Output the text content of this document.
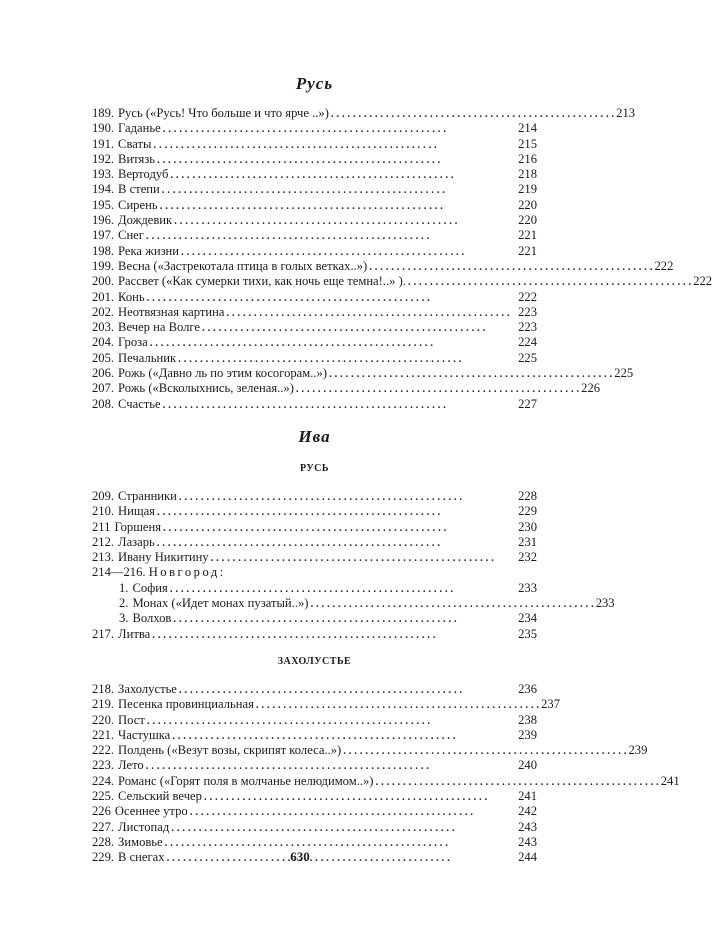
Русь
189. Русь («Русь! Что больше и что ярче ..») . . .	213
190. Гаданье . . .	214
191. Сваты . . .	215
192. Витязь . . .	216
193. Вертодуб . . .	218
194. В степи . . .	219
195. Сирень . . .	220
196. Дождевик . . .	220
197. Снег . . .	221
198. Река жизни . . .	221
199. Весна («Застрекотала птица в голых ветках..») . . .	222
200. Рассвет («Как сумерки тихи, как ночь еще темна!..» ). . . .	222
201. Конь . . .	222
202. Неотвязная картина . . .	223
203. Вечер на Волге . . .	223
204. Гроза . . .	224
205. Печальник . . .	225
206. Рожь («Давно ль по этим косогорам..») . . .	225
207. Рожь («Всколыхнись, зеленая..») . . .	226
208. Счастье . . .	227
Ива
РУСЬ
209. Странники . . .	228
210. Нищая . . .	229
211 Горшеня . . .	230
212. Лазарь . . .	231
213. Ивану Никитину . . .	232
214—216. Новгород:
1. София . . .	233
2. Монах («Идет монах пузатый..») . . .	233
3. Волхов . . .	234
217. Литва . . .	235
ЗАХОЛУСТЬЕ
218. Захолустье . . .	236
219. Песенка провинциальная . . .	237
220. Пост . . .	238
221. Частушка . . .	239
222. Полдень («Везут возы, скрипят колеса..») . . .	239
223. Лето . . .	240
224. Романс («Горят поля в молчанье нелюдимом..») . . .	241
225. Сельский вечер . . .	241
226 Осеннее утро . . .	242
227. Листопад . . .	243
228. Зимовье . . .	243
229. В снегах . . .	244
630
